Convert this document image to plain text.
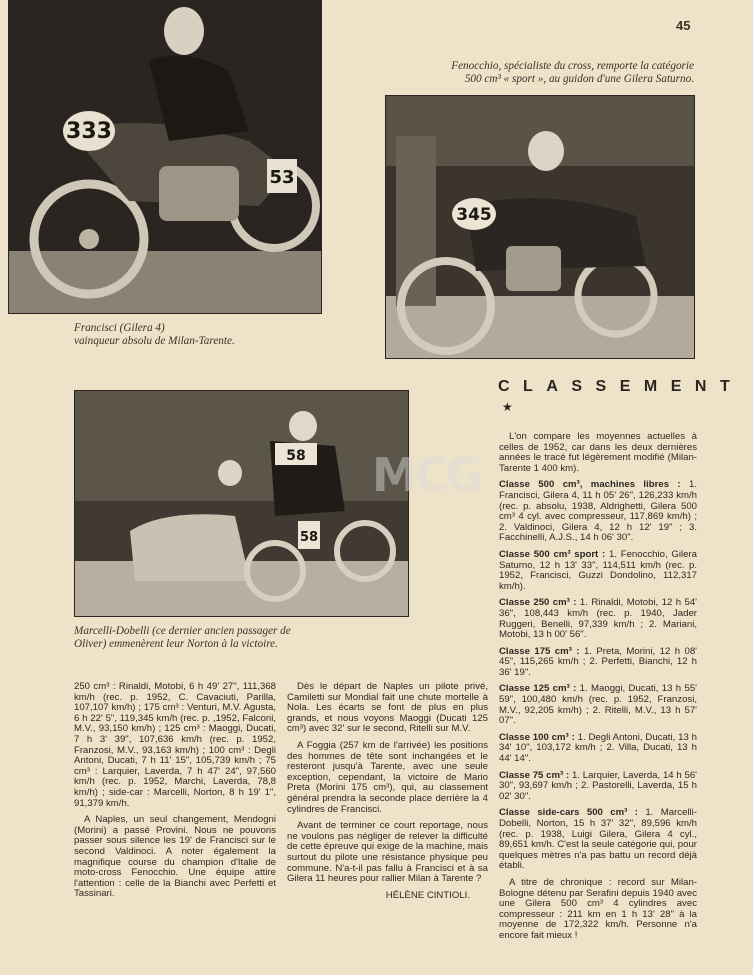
45
333
53
Francisci (Gilera 4)
vainqueur absolu de Milan-Tarente.
Fenocchio, spécialiste du cross, remporte la catégorie
500 cm³ « sport », au guidon d'une Gilera Saturno.
345
CLASSEMENT
★
58
58
MCG
Marcelli-Dobelli (ce dernier ancien passager de
Oliver) emmenèrent leur Norton à la victoire.

250 cm³ : Rinaldi, Motobi, 6 h 49' 27", 111,368 km/h (rec. p. 1952, C. Cavaciuti, Parilla, 107,107 km/h) ; 175 cm³ : Venturi, M.V. Agusta, 6 h 22' 5", 119,345 km/h (rec. p. ,1952, Falconi, M.V., 93,150 km/h) ; 125 cm³ : Maoggi, Ducati, 7 h 3' 39", 107,636 km/h (rec. p. 1952, Franzosi, M.V., 93,163 km/h) ; 100 cm³ : Degli Antoni, Ducati, 7 h 11' 15", 105,739 km/h ; 75 cm³ : Larquier, Laverda, 7 h 47' 24", 97,560 km/h (rec. p. 1952, Marchi, Laverda, 78,8 km/h) ; side-car : Marcelli, Norton, 8 h 19' 1", 91,379 km/h.

A Naples, un seul changement, Mendogni (Morini) a passé Provini. Nous ne pouvons passer sous silence les 19' de Francisci sur le second Valdinoci. A noter également la magnifique course du champion d'Italie de moto-cross Fenocchio. Une équipe attire l'attention : celle de la Bianchi avec Perfetti et Tassinari.

Dès le départ de Naples un pilote privé, Camiletti sur Mondial fait une chute mortelle à Nola. Les écarts se font de plus en plus grands, et nous voyons Maoggi (Ducati 125 cm³) avec 32' sur le second, Ritelli sur M.V.

A Foggia (257 km de l'arrivée) les positions des hommes de tête sont inchangées et le resteront jusqu'à Tarente, avec une seule exception, cependant, la victoire de Mario Preta (Morini 175 cm³), qui, au classement général prendra la seconde place derrière la 4 cylindres de Francisci.

Avant de terminer ce court reportage, nous ne voulons pas négliger de relever la difficulté de cette épreuve qui exige de la machine, mais surtout du pilote une résistance physique peu commune. N'a-t-il pas fallu à Francisci et à sa Gilera 11 heures pour rallier Milan à Tarente ?

HÉLÈNE CINTIOLI.

L'on compare les moyennes actuelles à celles de 1952, car dans les deux dernières années le tracé fut légèrement modifié (Milan-Tarente 1 400 km).

Classe 500 cm³, machines libres : 1. Francisci, Gilera 4, 11 h 05' 26", 126,233 km/h (rec. p. absolu, 1938, Aldrighetti, Gilera 500 cm³ 4 cyl. avec compresseur, 117,869 km/h) ; 2. Valdinoci, Gilera 4, 12 h 12' 19" ; 3. Facchinelli, A.J.S., 14 h 06' 30".
Classe 500 cm³ sport : 1. Fenocchio, Gilera Saturno, 12 h 13' 33", 114,511 km/h (rec. p. 1952, Francisci, Guzzi Dondolino, 112,317 km/h).
Classe 250 cm³ : 1. Rinaldi, Motobi, 12 h 54' 36", 108,443 km/h (rec. p. 1940, Jader Ruggeri, Benelli, 97,339 km/h ; 2. Mariani, Motobi, 13 h 00' 56".
Classe 175 cm³ : 1. Preta, Morini, 12 h 08' 45", 115,265 km/h ; 2. Perfetti, Bianchi, 12 h 36' 19".
Classe 125 cm³ : 1. Maoggi, Ducati, 13 h 55' 59", 100,480 km/h (rec. p. 1952, Franzosi, M.V., 92,205 km/h) ; 2. Ritelli, M.V., 13 h 57' 07".
Classe 100 cm³ : 1. Degli Antoni, Ducati, 13 h 34' 10", 103,172 km/h ; 2. Villa, Ducati, 13 h 44' 14".
Classe 75 cm³ : 1. Larquier, Laverda, 14 h 56' 30", 93,697 km/h ; 2. Pastorelli, Laverda, 15 h 02' 30".
Classe side-cars 500 cm³ : 1. Marcelli-Dobelli, Norton, 15 h 37' 32", 89,596 km/h (rec. p. 1938, Luigi Gilera, Gilera 4 cyl., 89,651 km/h. C'est la seule catégorie qui, pour quelques mètres n'a pas battu un record déjà établi.

A titre de chronique : record sur Milan-Bologne détenu par Serafini depuis 1940 avec une Gilera 500 cm³ 4 cylindres avec compresseur : 211 km en 1 h 13' 28" à la moyenne de 172,322 km/h. Personne n'a encore fait mieux !
